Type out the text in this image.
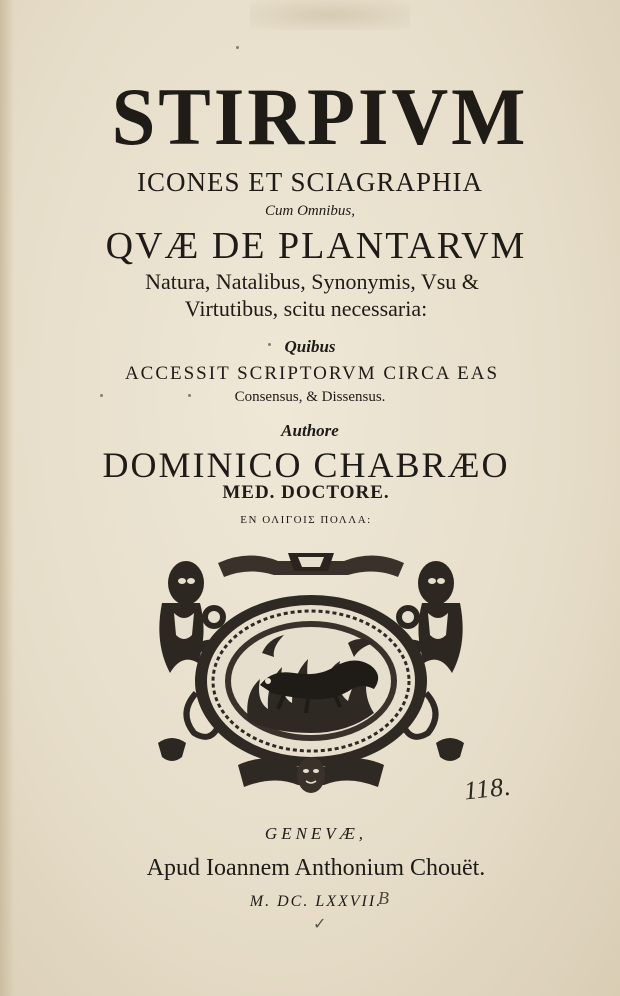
STIRPIVM
ICONES ET SCIAGRAPHIA
Cum Omnibus,
QVÆ DE PLANTARVM
Natura, Natalibus, Synonymis, Vsu &
Virtutibus, scitu necessaria:
Quibus
ACCESSIT SCRIPTORVM CIRCA EAS
Consensus, & Dissensus.
Authore
DOMINICO CHABRÆO
MED. DOCTORE.
ΕΝ ΟΛΙΓΟΙΣ ΠΟΛΛΑ:
118.
GENEVÆ,
Apud Ioannem Anthonium Chouët.
M. DC. LXXVII.
B
✓
